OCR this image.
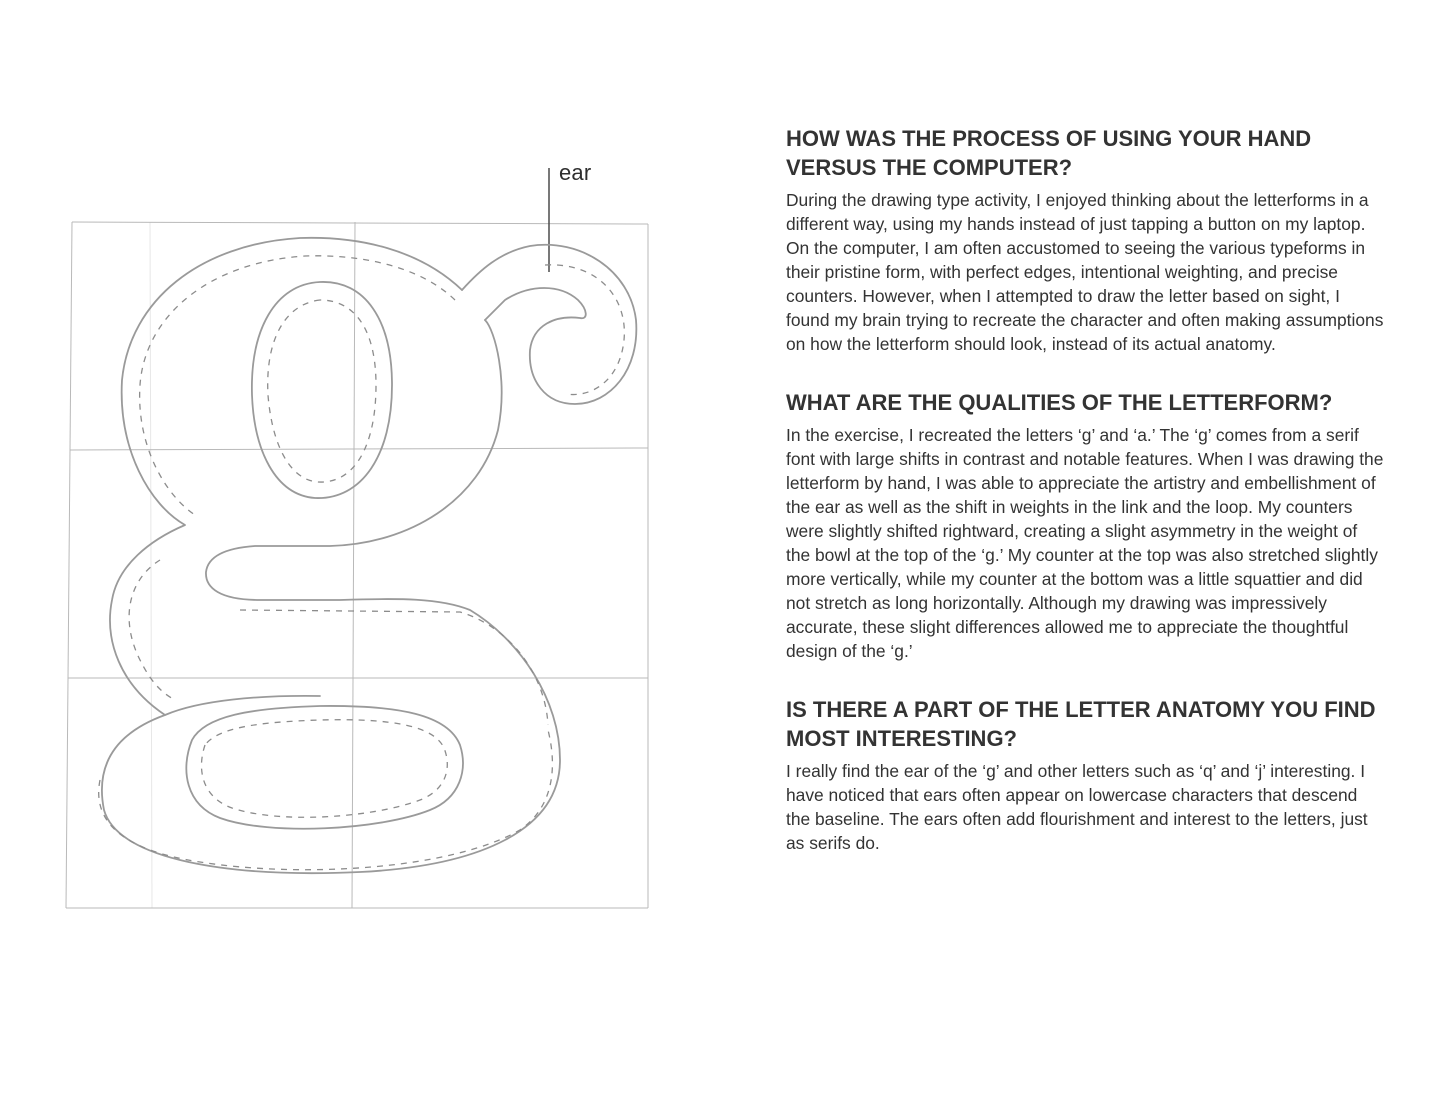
ear
HOW WAS THE PROCESS OF USING YOUR HAND VERSUS THE COMPUTER?

During the drawing type activity, I enjoyed thinking about the letterforms in a different way, using my hands instead of just tapping a button on my laptop. On the computer, I am often accustomed to seeing the various typeforms in their pristine form, with perfect edges, intentional weighting, and precise counters. However, when I attempted to draw the letter based on sight, I found my brain trying to recreate the character and often making assumptions on how the letterform should look, instead of its actual anatomy.

WHAT ARE THE QUALITIES OF THE LETTERFORM?

In the exercise, I recreated the letters ‘g’ and ‘a.’ The ‘g’ comes from a serif font with large shifts in contrast and notable features. When I was drawing the letterform by hand, I was able to appreciate the artistry and embellishment of the ear as well as the shift in weights in the link and the loop. My counters were slightly shifted rightward, creating a slight asymmetry in the weight of the bowl at the top of the ‘g.’ My counter at the top was also stretched slightly more vertically, while my counter at the bottom was a little squattier and did not stretch as long horizontally. Although my drawing was impressively accurate, these slight differences allowed me to appreciate the thoughtful design of the ‘g.’

IS THERE A PART OF THE LETTER ANATOMY YOU FIND MOST INTERESTING?

I really find the ear of the ‘g’ and other letters such as ‘q’ and ‘j’ interesting. I have noticed that ears often appear on lowercase characters that descend the baseline. The ears often add flourishment and interest to the letters, just as serifs do.
